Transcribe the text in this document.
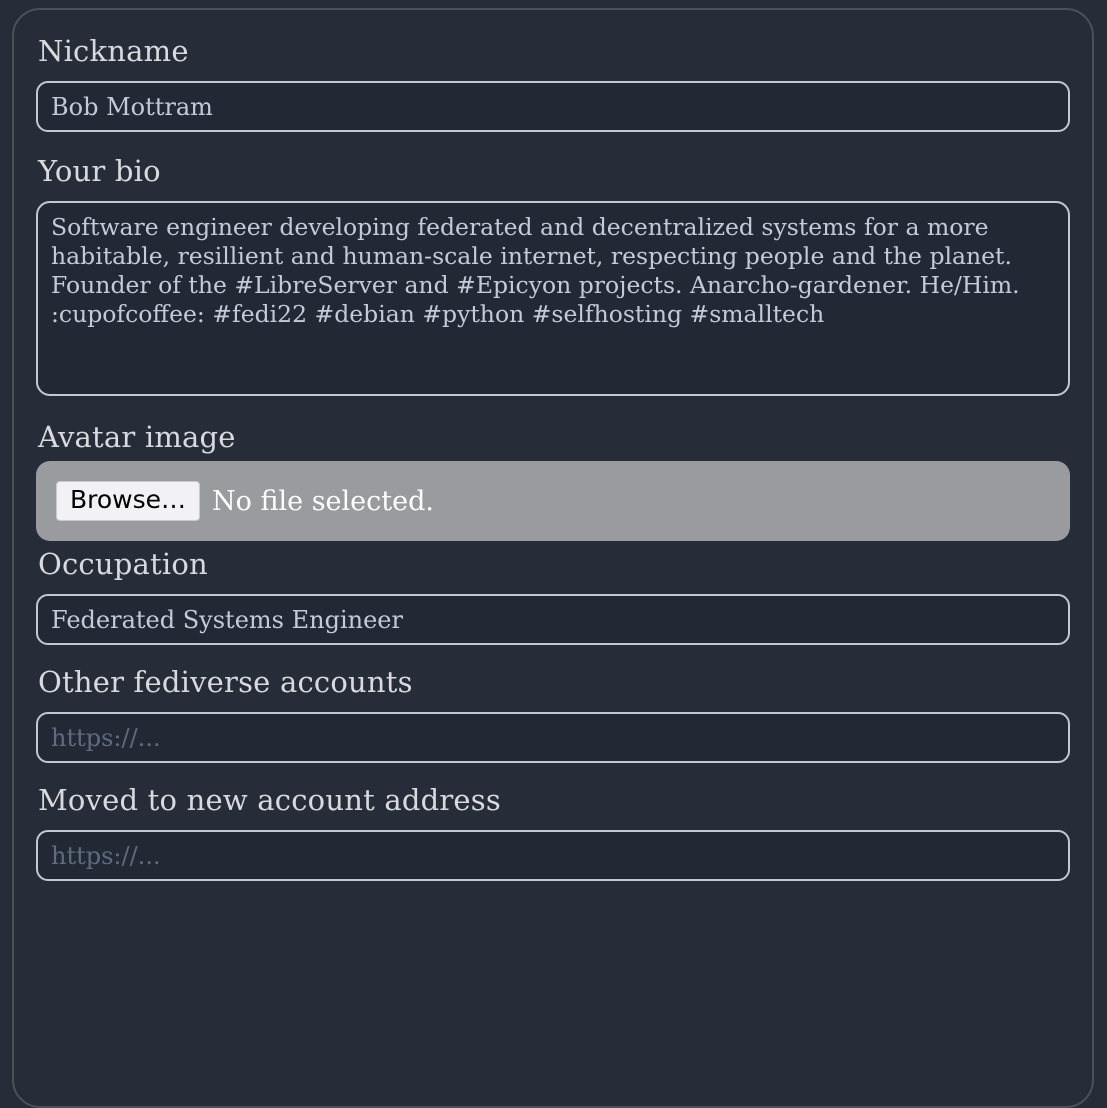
Nickname
Bob Mottram
Your bio
Software engineer developing federated and decentralized systems for a more habitable, resillient and human-scale internet, respecting people and the planet. Founder of the #LibreServer and #Epicyon projects. Anarcho-gardener. He/Him. :cupofcoffee: #fedi22 #debian #python #selfhosting #smalltech
Avatar image
Browse… No file selected.
Occupation
Federated Systems Engineer
Other fediverse accounts
https://...
Moved to new account address
https://...
